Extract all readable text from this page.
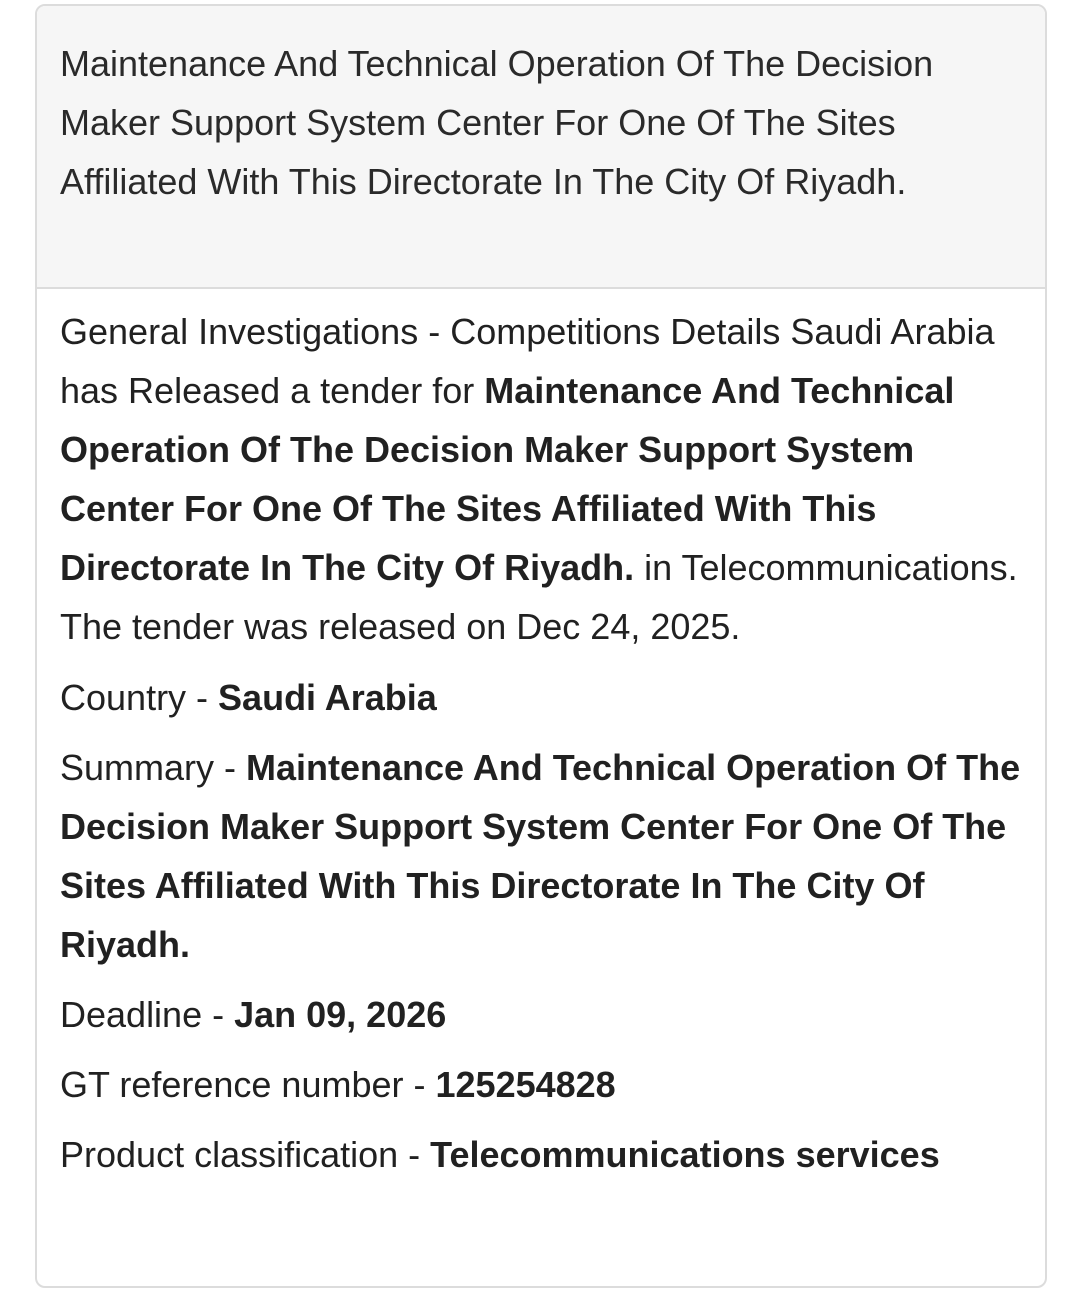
Maintenance And Technical Operation Of The Decision Maker Support System Center For One Of The Sites Affiliated With This Directorate In The City Of Riyadh.

General Investigations - Competitions Details Saudi Arabia has Released a tender for Maintenance And Technical Operation Of The Decision Maker Support System Center For One Of The Sites Affiliated With This Directorate In The City Of Riyadh. in Telecommunications. The tender was released on Dec 24, 2025.

Country - Saudi Arabia

Summary - Maintenance And Technical Operation Of The Decision Maker Support System Center For One Of The Sites Affiliated With This Directorate In The City Of Riyadh.

Deadline - Jan 09, 2026

GT reference number - 125254828

Product classification - Telecommunications services
